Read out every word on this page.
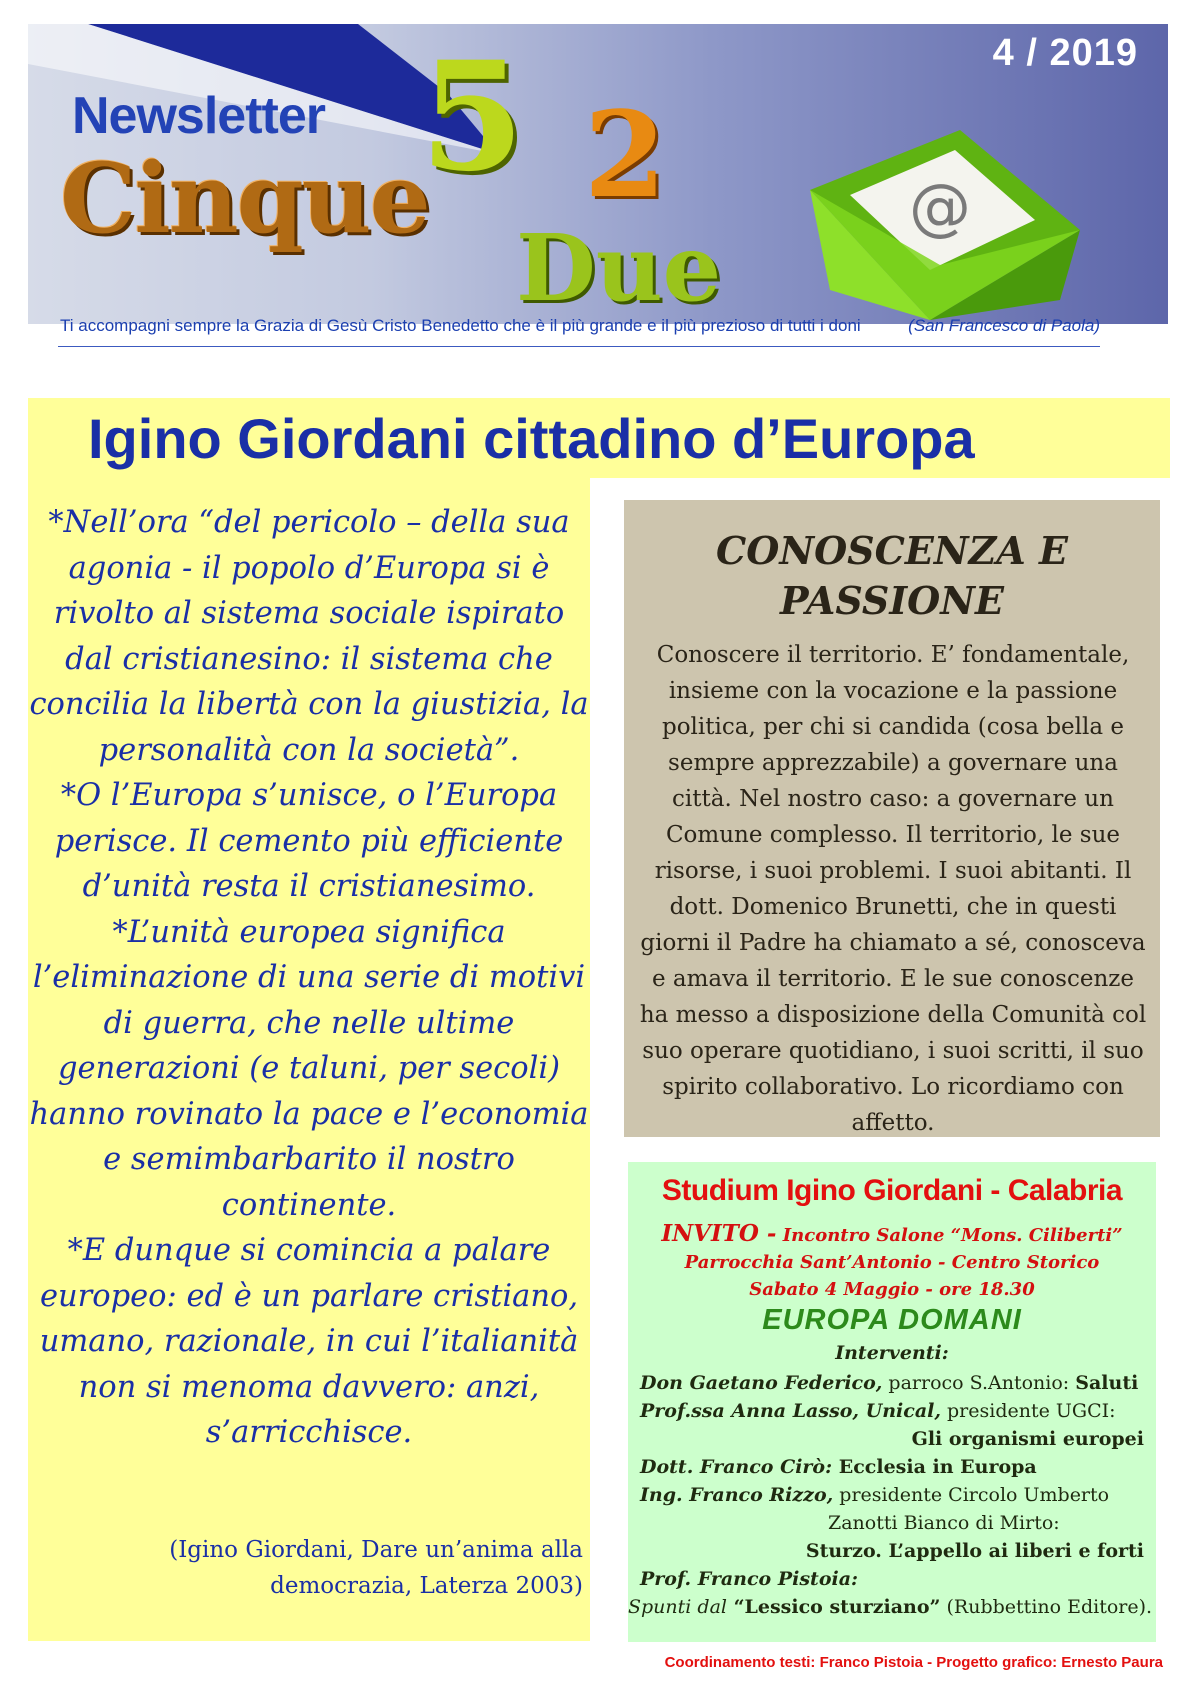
4 / 2019
5 2
Newsletter
Cinque
Due
@
Ti accompagni sempre la Grazia di Gesù Cristo Benedetto che è il più grande e il più prezioso di tutti i doni	(San Francesco di Paola)
Igino Giordani cittadino d’Europa

*Nell’ora “del pericolo – della sua agonia - il popolo d’Europa si è rivolto al sistema sociale ispirato dal cristianesino: il sistema che concilia la libertà con la giustizia, la personalità con la società”.

*O l’Europa s’unisce, o l’Europa perisce. Il cemento più efficiente d’unità resta il cristianesimo.

*L’unità europea significa l’eliminazione di una serie di motivi di guerra, che nelle ultime generazioni (e taluni, per secoli) hanno rovinato la pace e l’economia e semimbarbarito il nostro continente.

*E dunque si comincia a palare europeo: ed è un parlare cristiano, umano, razionale, in cui l’italianità non si menoma davvero: anzi, s’arricchisce.

(Igino Giordani, Dare un’anima alla democrazia, Laterza 2003)
CONOSCENZA E
PASSIONE
Conoscere il territorio. E’ fondamentale, insieme con la vocazione e la passione politica, per chi si candida (cosa bella e sempre apprezzabile) a governare una città. Nel nostro caso: a governare un Comune complesso. Il territorio, le sue risorse, i suoi problemi. I suoi abitanti. Il dott. Domenico Brunetti, che in questi giorni il Padre ha chiamato a sé, conosceva e amava il territorio. E le sue conoscenze ha messo a disposizione della Comunità col suo operare quotidiano, i suoi scritti, il suo spirito collaborativo. Lo ricordiamo con affetto.
Studium Igino Giordani - Calabria
INVITO - Incontro Salone “Mons. Ciliberti”
Parrocchia Sant’Antonio - Centro Storico
Sabato 4 Maggio - ore 18.30
EUROPA DOMANI
Interventi:
Don Gaetano Federico, parroco S.Antonio: Saluti
Prof.ssa Anna Lasso, Unical, presidente UGCI:
Gli organismi europei
Dott. Franco Cirò: Ecclesia in Europa
Ing. Franco Rizzo, presidente Circolo Umberto
Zanotti Bianco di Mirto:
Sturzo. L’appello ai liberi e forti
Prof. Franco Pistoia:
Spunti dal “Lessico sturziano” (Rubbettino Editore).
Coordinamento testi: Franco Pistoia - Progetto grafico: Ernesto Paura
